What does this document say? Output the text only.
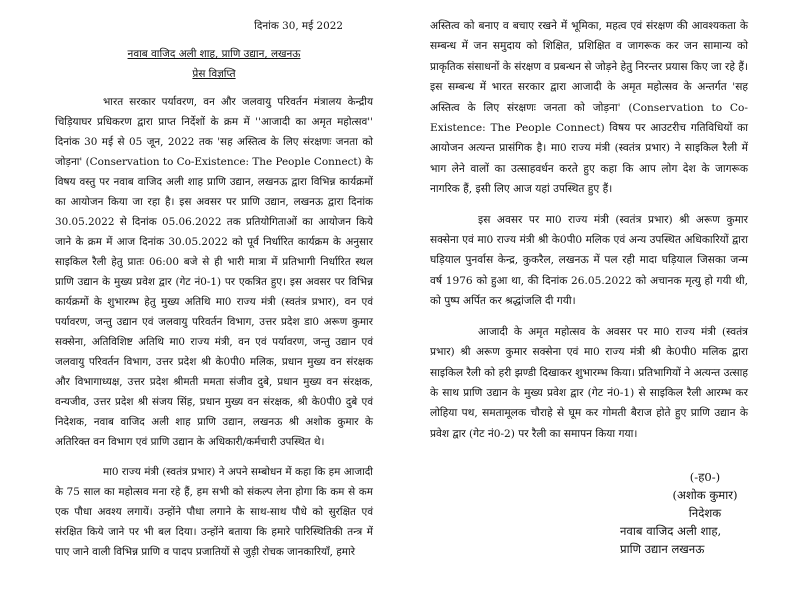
दिनांक 30, मई 2022

नवाब वाजिद अली शाह, प्राणि उद्यान, लखनऊ

प्रेस विज्ञप्ति

भारत सरकार पर्यावरण, वन और जलवायु परिवर्तन मंत्रालय केन्द्रीय चिड़ियाघर प्रधिकरण द्वारा प्राप्त निर्देशों के क्रम में ''आजादी का अमृत महोत्सव'' दिनांक 30 मई से 05 जून, 2022 तक 'सह अस्तित्व के लिए संरक्षणः जनता को जोड़ना' (Conservation to Co-Existence: The People Connect) के विषय वस्तु पर नवाब वाजिद अली शाह प्राणि उद्यान, लखनऊ द्वारा विभिन्न कार्यक्रमों का आयोजन किया जा रहा है। इस अवसर पर प्राणि उद्यान, लखनऊ द्वारा दिनांक 30.05.2022 से दिनांक 05.06.2022 तक प्रतियोगिताओं का आयोजन किये जाने के क्रम में आज दिनांक 30.05.2022 को पूर्व निर्धारित कार्यक्रम के अनुसार साइकिल रैली हेतु प्रातः 06:00 बजे से ही भारी मात्रा में प्रतिभागी निर्धारित स्थल प्राणि उद्यान के मुख्य प्रवेश द्वार (गेट नं0-1) पर एकत्रित हुए। इस अवसर पर विभिन्न कार्यक्रमों के शुभारम्भ हेतु मुख्य अतिथि मा0 राज्य मंत्री (स्वतंत्र प्रभार), वन एवं पर्यावरण, जन्तु उद्यान एवं जलवायु परिवर्तन विभाग, उत्तर प्रदेश डा0 अरूण कुमार सक्सेना, अतिविशिष्ट अतिथि मा0 राज्य मंत्री, वन एवं पर्यावरण, जन्तु उद्यान एवं जलवायु परिवर्तन विभाग, उत्तर प्रदेश श्री के0पी0 मलिक, प्रधान मुख्य वन संरक्षक और विभागाध्यक्ष, उत्तर प्रदेश श्रीमती ममता संजीव दुबे, प्रधान मुख्य वन संरक्षक, वन्यजीव, उत्तर प्रदेश श्री संजय सिंह, प्रधान मुख्य वन संरक्षक, श्री के0पी0 दुबे एवं निदेशक, नवाब वाजिद अली शाह प्राणि उद्यान, लखनऊ श्री अशोक कुमार के अतिरिक्त वन विभाग एवं प्राणि उद्यान के अधिकारी/कर्मचारी उपस्थित थे।

मा0 राज्य मंत्री (स्वतंत्र प्रभार) ने अपने सम्बोधन में कहा कि हम आजादी के 75 साल का महोत्सव मना रहे हैं, हम सभी को संकल्प लेना होगा कि कम से कम एक पौधा अवश्य लगायें। उन्होंने पौधा लगाने के साथ-साथ पौधे को सुरक्षित एवं संरक्षित किये जाने पर भी बल दिया। उन्होंने बताया कि हमारे पारिस्थितिकी तन्त्र में पाए जाने वाली विभिन्न प्राणि व पादप प्रजातियों से जुड़ी रोचक जानकारियाँ, हमारे

अस्तित्व को बनाए व बचाए रखने में भूमिका, महत्व एवं संरक्षण की आवश्यकता के सम्बन्ध में जन समुदाय को शिक्षित, प्रशिक्षित व जागरूक कर जन सामान्य को प्राकृतिक संसाधनों के संरक्षण व प्रबन्धन से जोड़ने हेतु निरन्तर प्रयास किए जा रहे हैं। इस सम्बन्ध में भारत सरकार द्वारा आजादी के अमृत महोत्सव के अन्तर्गत 'सह अस्तित्व के लिए संरक्षणः जनता को जोड़ना' (Conservation to Co-Existence: The People Connect) विषय पर आउटरीच गतिविधियों का आयोजन अत्यन्त प्रासंगिक है। मा0 राज्य मंत्री (स्वतंत्र प्रभार) ने साइकिल रैली में भाग लेने वालों का उत्साहवर्धन करते हुए कहा कि आप लोग देश के जागरूक नागरिक हैं, इसी लिए आज यहां उपस्थित हुए हैं।

इस अवसर पर मा0 राज्य मंत्री (स्वतंत्र प्रभार) श्री अरूण कुमार सक्सेना एवं मा0 राज्य मंत्री श्री के0पी0 मलिक एवं अन्य उपस्थित अधिकारियों द्वारा घड़ियाल पुनर्वास केन्द्र, कुकरैल, लखनऊ में पल रही मादा घड़ियाल जिसका जन्म वर्ष 1976 को हुआ था, की दिनांक 26.05.2022 को अचानक मृत्यु हो गयी थी, को पुष्प अर्पित कर श्रद्धांजलि दी गयी।

आजादी के अमृत महोत्सव के अवसर पर मा0 राज्य मंत्री (स्वतंत्र प्रभार) श्री अरूण कुमार सक्सेना एवं मा0 राज्य मंत्री श्री के0पी0 मलिक द्वारा साइकिल रैली को हरी झण्डी दिखाकर शुभारम्भ किया। प्रतिभागियों ने अत्यन्त उत्साह के साथ प्राणि उद्यान के मुख्य प्रवेश द्वार (गेट नं0-1) से साइकिल रैली आरम्भ कर लोहिया पथ, समतामूलक चौराहे से घूम कर गोमती बैराज होते हुए प्राणि उद्यान के प्रवेश द्वार (गेट नं0-2) पर रैली का समापन किया गया।

(-ह0-)
(अशोक कुमार)
निदेशक
नवाब वाजिद अली शाह,
प्राणि उद्यान लखनऊ
